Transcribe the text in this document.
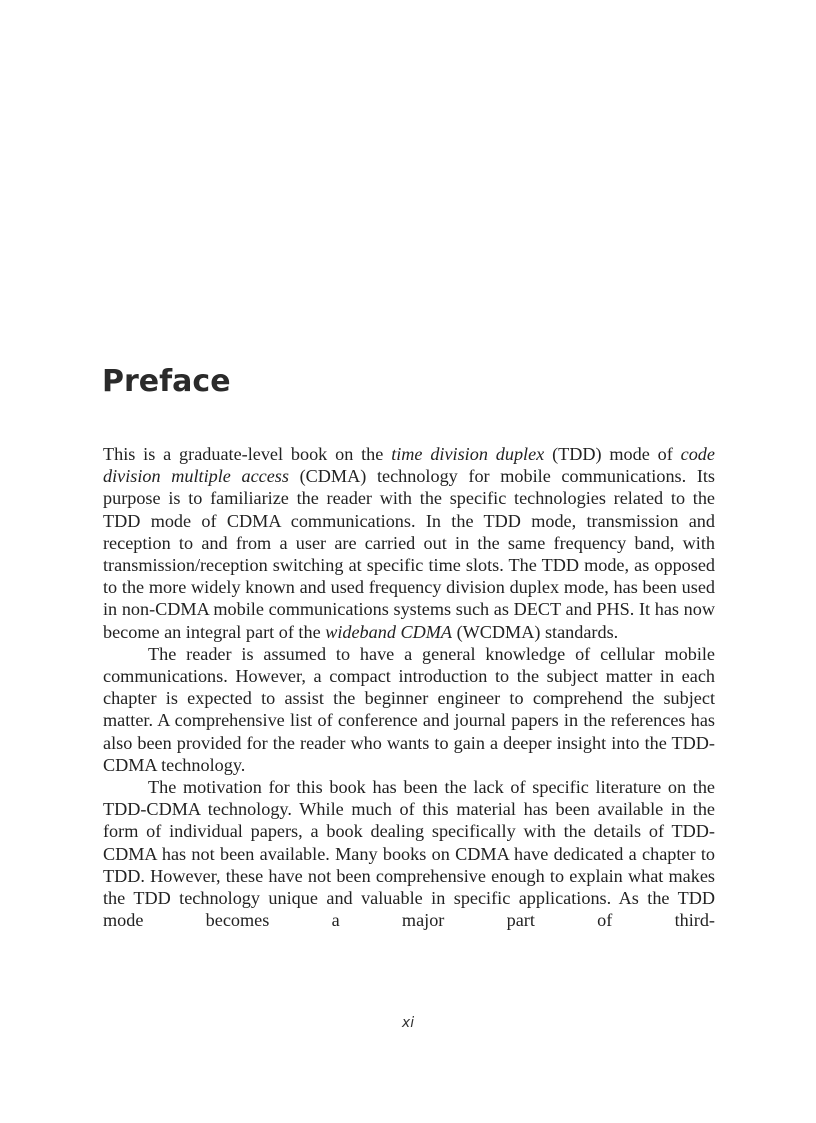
Preface

This is a graduate-level book on the time division duplex (TDD) mode of code division multiple access (CDMA) technology for mobile communications. Its purpose is to familiarize the reader with the specific technologies related to the TDD mode of CDMA communications. In the TDD mode, transmission and reception to and from a user are carried out in the same frequency band, with transmission/reception switching at specific time slots. The TDD mode, as opposed to the more widely known and used frequency division duplex mode, has been used in non-CDMA mobile communications systems such as DECT and PHS. It has now become an integral part of the wideband CDMA (WCDMA) standards.

The reader is assumed to have a general knowledge of cellular mobile communications. However, a compact introduction to the subject matter in each chapter is expected to assist the beginner engineer to comprehend the subject matter. A comprehensive list of conference and journal papers in the references has also been provided for the reader who wants to gain a deeper insight into the TDD-CDMA technology.

The motivation for this book has been the lack of specific literature on the TDD-CDMA technology. While much of this material has been available in the form of individual papers, a book dealing specifically with the details of TDD-CDMA has not been available. Many books on CDMA have dedicated a chapter to TDD. However, these have not been comprehensive enough to explain what makes the TDD technology unique and valuable in specific applications. As the TDD mode becomes a major part of third-

xi
